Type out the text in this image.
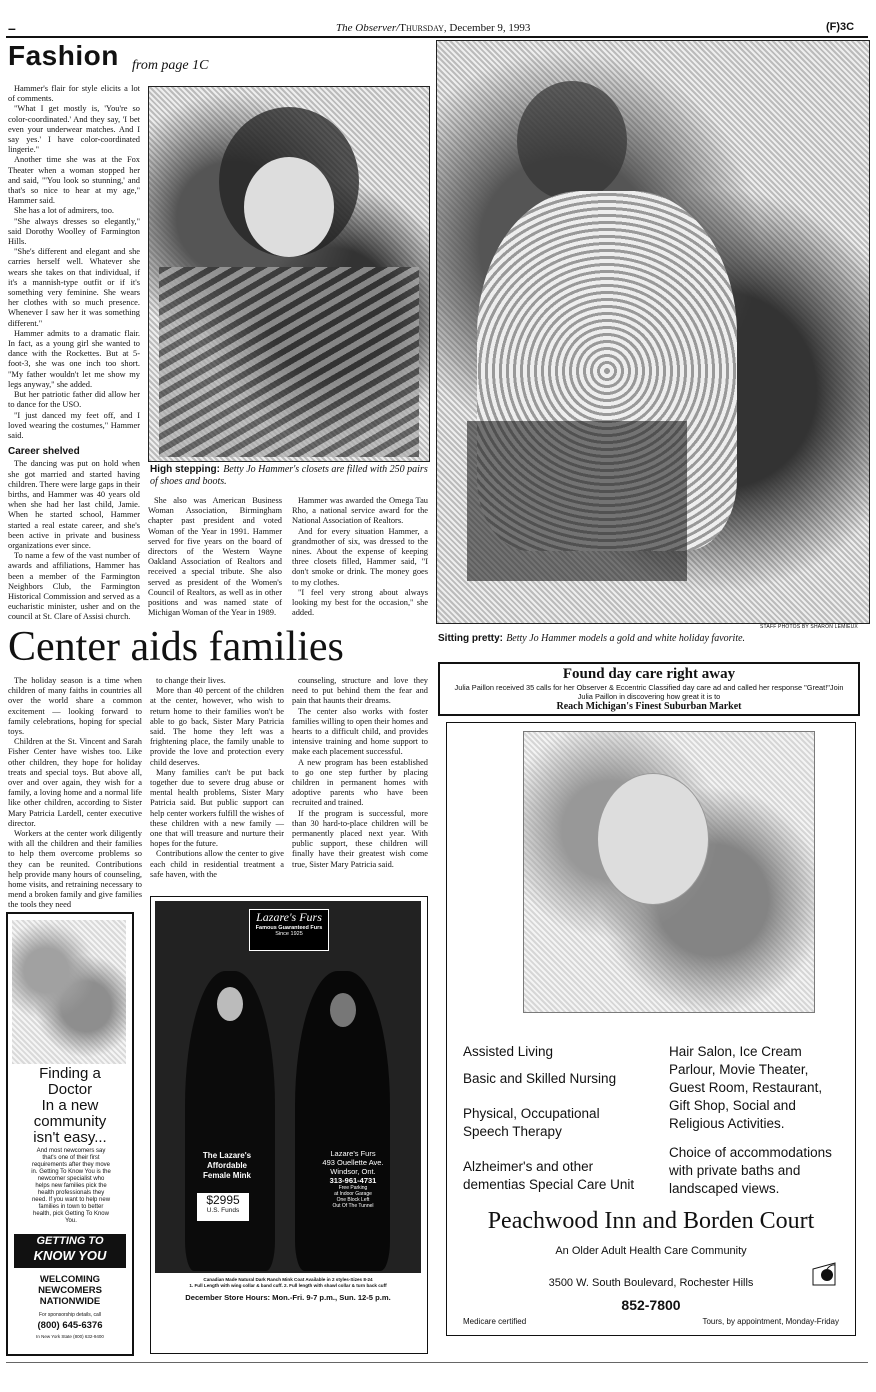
–	The Observer/Thursday, December 9, 1993	(F)3C
Fashion from page 1C

Hammer's flair for style elicits a lot of comments.

"What I get mostly is, 'You're so color-coordinated.' And they say, 'I bet even your underwear matches. And I say yes.' I have color-coordinated lingerie."

Another time she was at the Fox Theater when a woman stopped her and said, "'You look so stunning,' and that's so nice to hear at my age," Hammer said.

She has a lot of admirers, too.

"She always dresses so elegantly," said Dorothy Woolley of Farmington Hills.

"She's different and elegant and she carries herself well. Whatever she wears she takes on that individual, if it's a mannish-type outfit or if it's something very feminine. She wears her clothes with so much presence. Whenever I saw her it was something different."

Hammer admits to a dramatic flair. In fact, as a young girl she wanted to dance with the Rockettes. But at 5-foot-3, she was one inch too short. "My father wouldn't let me show my legs anyway," she added.

But her patriotic father did allow her to dance for the USO.

"I just danced my feet off, and I loved wearing the costumes," Hammer said.

Career shelved

The dancing was put on hold when she got married and started having children. There were large gaps in their births, and Hammer was 40 years old when she had her last child, Jamie. When he started school, Hammer started a real estate career, and she's been active in private and business organizations ever since.

To name a few of the vast number of awards and affiliations, Hammer has been a member of the Farmington Neighbors Club, the Farmington Historical Commission and served as a eucharistic minister, usher and on the council at St. Clare of Assisi church.

High stepping: Betty Jo Hammer's closets are filled with 250 pairs of shoes and boots.

She also was American Business Woman Association, Birmingham chapter past president and voted Woman of the Year in 1991. Hammer served for five years on the board of directors of the Western Wayne Oakland Association of Realtors and received a special tribute. She also served as president of the Women's Council of Realtors, as well as in other positions and was named state of Michigan Woman of the Year in 1989.

Hammer was awarded the Omega Tau Rho, a national service award for the National Association of Realtors.

And for every situation Hammer, a grandmother of six, was dressed to the nines. About the expense of keeping three closets filled, Hammer said, "I don't smoke or drink. The money goes to my clothes.

"I feel very strong about always looking my best for the occasion," she added.

STAFF PHOTOS BY SHARON LEMIEUX
Sitting pretty: Betty Jo Hammer models a gold and white holiday favorite.
Center aids families

The holiday season is a time when children of many faiths in countries all over the world share a common excitement — looking forward to family celebrations, hoping for special toys.

Children at the St. Vincent and Sarah Fisher Center have wishes too. Like other children, they hope for holiday treats and special toys. But above all, over and over again, they wish for a family, a loving home and a normal life like other children, according to Sister Mary Patricia Lardell, center executive director.

Workers at the center work diligently with all the children and their families to help them overcome problems so they can be reunited. Contributions help provide many hours of counseling, home visits, and retraining necessary to mend a broken family and give families the tools they need

to change their lives.

More than 40 percent of the children at the center, however, who wish to return home to their families won't be able to go back, Sister Mary Patricia said. The home they left was a frightening place, the family unable to provide the love and protection every child deserves.

Many families can't be put back together due to severe drug abuse or mental health problems, Sister Mary Patricia said. But public support can help center workers fulfill the wishes of these children with a new family — one that will treasure and nurture their hopes for the future.

Contributions allow the center to give each child in residential treatment a safe haven, with the

counseling, structure and love they need to put behind them the fear and pain that haunts their dreams.

The center also works with foster families willing to open their homes and hearts to a difficult child, and provides intensive training and home support to make each placement successful.

A new program has been established to go one step further by placing children in permanent homes with adoptive parents who have been recruited and trained.

If the program is successful, more than 30 hard-to-place children will be permanently placed next year. With public support, these children will finally have their greatest wish come true, Sister Mary Patricia said.

Found day care right away
Julia Paillon received 35 calls for her Observer & Eccentric Classified day care ad and called her response "Great!"Join Julia Paillon in discovering how great it is to
Reach Michigan's Finest Suburban Market
Finding a
Doctor
In a new
community
isn't easy...
And most newcomers say that's one of their first requirements after they move in. Getting To Know You is the newcomer specialist who helps new families pick the health professionals they need. If you want to help new families in town to better health, pick Getting To Know You.
GETTING TO
KNOW YOU
WELCOMING
NEWCOMERS
NATIONWIDE
For sponsorship details, call
(800) 645-6376
In New York State (800) 632-9400
Lazare's Furs
Famous Guaranteed Furs
Since 1925
The Lazare's
Affordable
Female Mink
$2995
U.S. Funds
Lazare's Furs
493 Ouellette Ave.
Windsor, Ont.
313-961-4731
Free Parking
at Indoor Garage
One Block Left
Out Of The Tunnel
Canadian Made Natural Dark Ranch Mink Coat Available in 2 styles-Sizes 8-24
1. Full Length with wing collar & band cuff. 2. Full length with shawl collar & turn back cuff
December Store Hours: Mon.-Fri. 9-7 p.m., Sun. 12-5 p.m.
Assisted Living
Basic and Skilled Nursing
Physical, Occupational
Speech Therapy
Alzheimer's and other
dementias Special Care Unit
Hair Salon, Ice Cream
Parlour, Movie Theater,
Guest Room, Restaurant,
Gift Shop, Social and
Religious Activities.
Choice of accommodations
with private baths and
landscaped views.
Peachwood Inn and Borden Court
An Older Adult Health Care Community
3500 W. South Boulevard, Rochester Hills
852-7800
Medicare certified	Tours, by appointment, Monday-Friday
